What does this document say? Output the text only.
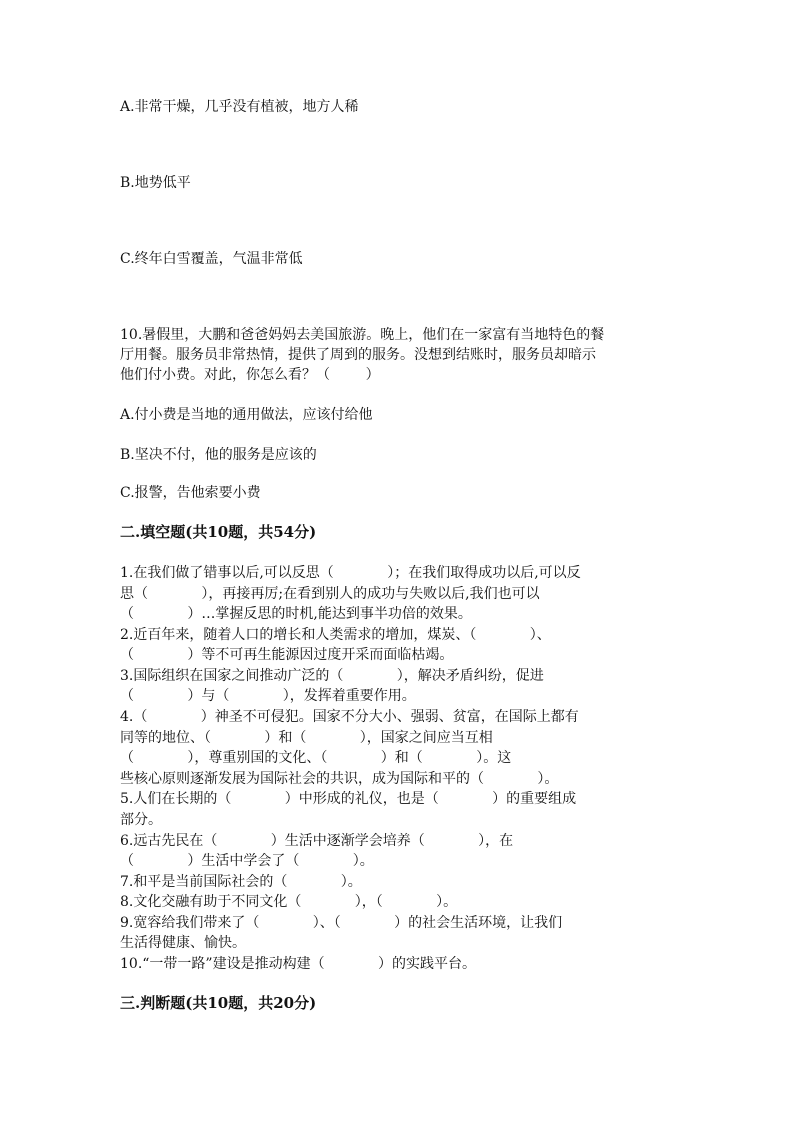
A.非常干燥，几乎没有植被，地方人稀
B.地势低平
C.终年白雪覆盖，气温非常低
10.暑假里，大鹏和爸爸妈妈去美国旅游。晚上，他们在一家富有当地特色的餐
厅用餐。服务员非常热情，提供了周到的服务。没想到结账时，服务员却暗示
他们付小费。对此，你怎么看？（        ）
A.付小费是当地的通用做法，应该付给他
B.坚决不付，他的服务是应该的
C.报警，告他索要小费
二.填空题(共10题，共54分)
1.在我们做了错事以后,可以反思（            ）；在我们取得成功以后,可以反
思（            ），再接再厉;在看到别人的成功与失败以后,我们也可以
（            ）…掌握反思的时机,能达到事半功倍的效果。
2.近百年来，随着人口的增长和人类需求的增加，煤炭、（            ）、
（            ）等不可再生能源因过度开采而面临枯竭。
3.国际组织在国家之间推动广泛的（            ），解决矛盾纠纷，促进
（            ）与（            ），发挥着重要作用。
4.（            ）神圣不可侵犯。国家不分大小、强弱、贫富，在国际上都有
同等的地位、（            ）和（            ），国家之间应当互相
（            ），尊重别国的文化、（            ）和（            ）。这
些核心原则逐渐发展为国际社会的共识，成为国际和平的（            ）。
5.人们在长期的（            ）中形成的礼仪，也是（            ）的重要组成
部分。
6.远古先民在（            ）生活中逐渐学会培养（            ），在
（            ）生活中学会了（            ）。
7.和平是当前国际社会的（            ）。
8.文化交融有助于不同文化（            ），（            ）。
9.宽容给我们带来了（            ）、（            ）的社会生活环境，让我们
生活得健康、愉快。
10.“一带一路”建设是推动构建（            ）的实践平台。
三.判断题(共10题，共20分)
